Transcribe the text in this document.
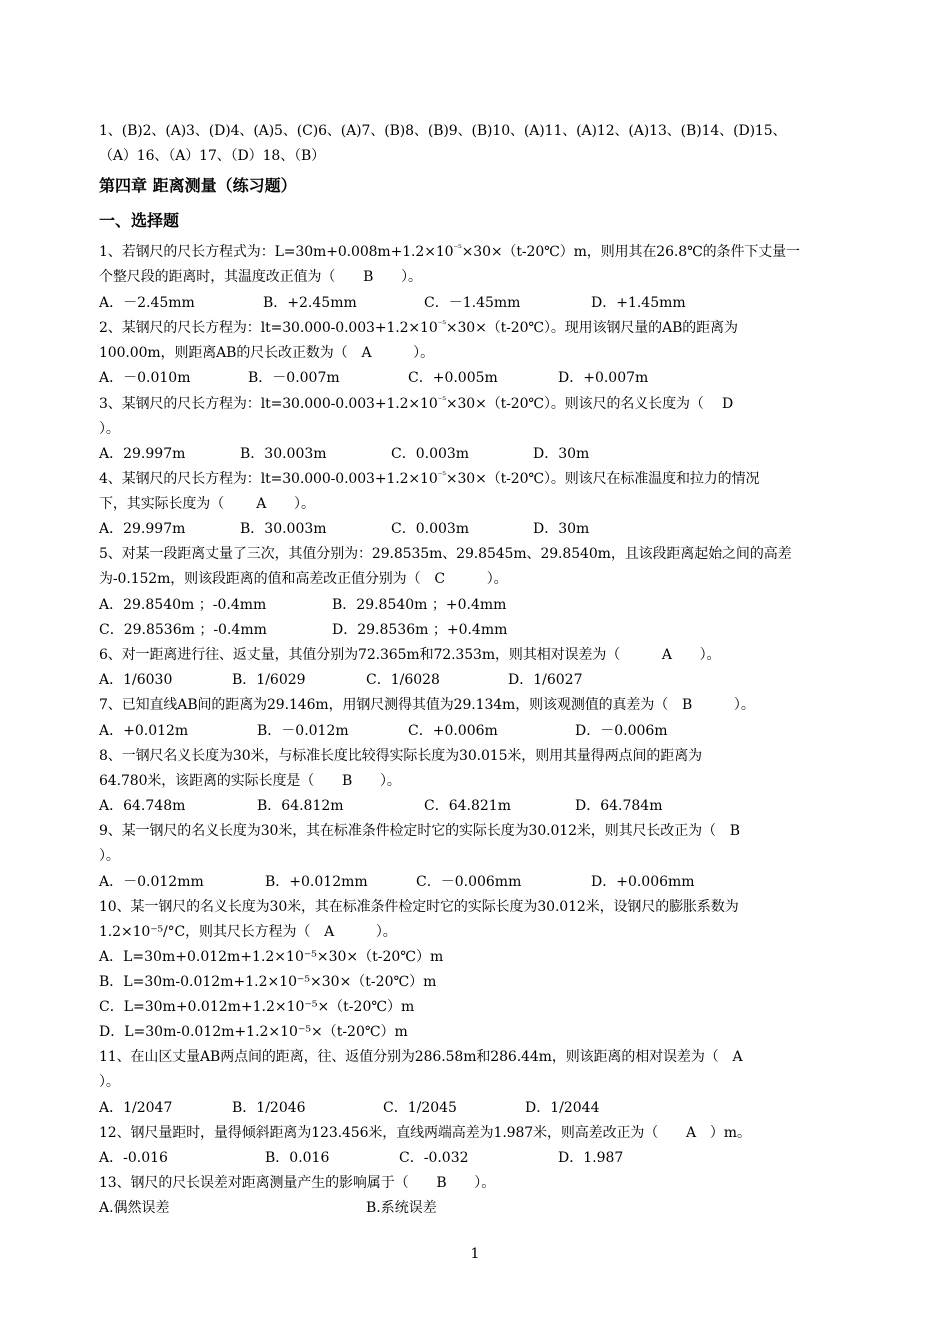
1、(B)2、(A)3、(D)4、(A)5、(C)6、(A)7、(B)8、(B)9、(B)10、(A)11、(A)12、(A)13、(B)14、(D)15、
（A）16、（A）17、（D）18、（B）
第四章 距离测量（练习题）
一、选择题
1、若钢尺的尺长方程式为：$L=30m+0.008m+1.2\times 10^{^{-5}}\times 30\times(t-20℃)m$，则用其在26.8℃的条件下丈量一
个整尺段的距离时，其温度改正值为（　　B　　）。
A．－2.45mm	B．+2.45mm	C．－1.45mm	D．+1.45mm
2、某钢尺的尺长方程为：$lt=30.000-0.003+1.2\times 10^{^{-5}}\times 30\times(t-20℃)$。现用该钢尺量的AB的距离为
100.00m，则距离AB的尺长改正数为（　A　　　）。
A．－0.010m	B．－0.007m	C．+0.005m	D．+0.007m
3、某钢尺的尺长方程为：$lt=30.000-0.003+1.2\times 10^{^{-5}}\times 30\times(t-20℃)$。则该尺的名义长度为（　 D
）。
A．29.997m	B．30.003m	C．0.003m	D．30m
4、某钢尺的尺长方程为：$lt=30.000-0.003+1.2\times 10^{^{-5}}\times 30\times(t-20℃)$。则该尺在标准温度和拉力的情况
下，其实际长度为（　　 A　　）。
A．29.997m	B．30.003m	C．0.003m	D．30m
5、对某一段距离丈量了三次，其值分别为：29.8535m、29.8545m、29.8540m，且该段距离起始之间的高差
为-0.152m，则该段距离的值和高差改正值分别为（　C　　　）。
A．29.8540m ；-0.4mm	B．29.8540m ；+0.4mm
C．29.8536m ；-0.4mm	D．29.8536m ；+0.4mm
6、对一距离进行往、返丈量，其值分别为72.365m和72.353m，则其相对误差为（　　　A　　）。
A．1/6030	B．1/6029	C．1/6028	D．1/6027
7、已知直线AB间的距离为29.146m，用钢尺测得其值为29.134m，则该观测值的真差为（　B　　　）。
A．+0.012m	B．－0.012m	C．+0.006m	D．－0.006m
8、一钢尺名义长度为30米，与标准长度比较得实际长度为30.015米，则用其量得两点间的距离为
64.780米，该距离的实际长度是（　　B　　）。
A．64.748m	B．64.812m	C．64.821m	D．64.784m
9、某一钢尺的名义长度为30米，其在标准条件检定时它的实际长度为30.012米，则其尺长改正为（　B
）。
A．－0.012mm	B．+0.012mm	C．－0.006mm	D．+0.006mm
10、某一钢尺的名义长度为30米，其在标准条件检定时它的实际长度为30.012米，设钢尺的膨胀系数为
1.2×10⁻⁵/°C，则其尺长方程为（　A　　　）。
A．L=30m+0.012m+1.2×10⁻⁵×30×（t-20℃）m
B．L=30m-0.012m+1.2×10⁻⁵×30×（t-20℃）m
C．L=30m+0.012m+1.2×10⁻⁵×（t-20℃）m
D．L=30m-0.012m+1.2×10⁻⁵×（t-20℃）m
11、在山区丈量AB两点间的距离，往、返值分别为286.58m和286.44m，则该距离的相对误差为（　A
）。
A．1/2047	B．1/2046	C．1/2045	D．1/2044
12、钢尺量距时，量得倾斜距离为123.456米，直线两端高差为1.987米，则高差改正为（　　A　）m。
A．-0.016	B．0.016	C．-0.032	D．1.987
13、钢尺的尺长误差对距离测量产生的影响属于（　　B　　）。
A.偶然误差	B.系统误差
1
